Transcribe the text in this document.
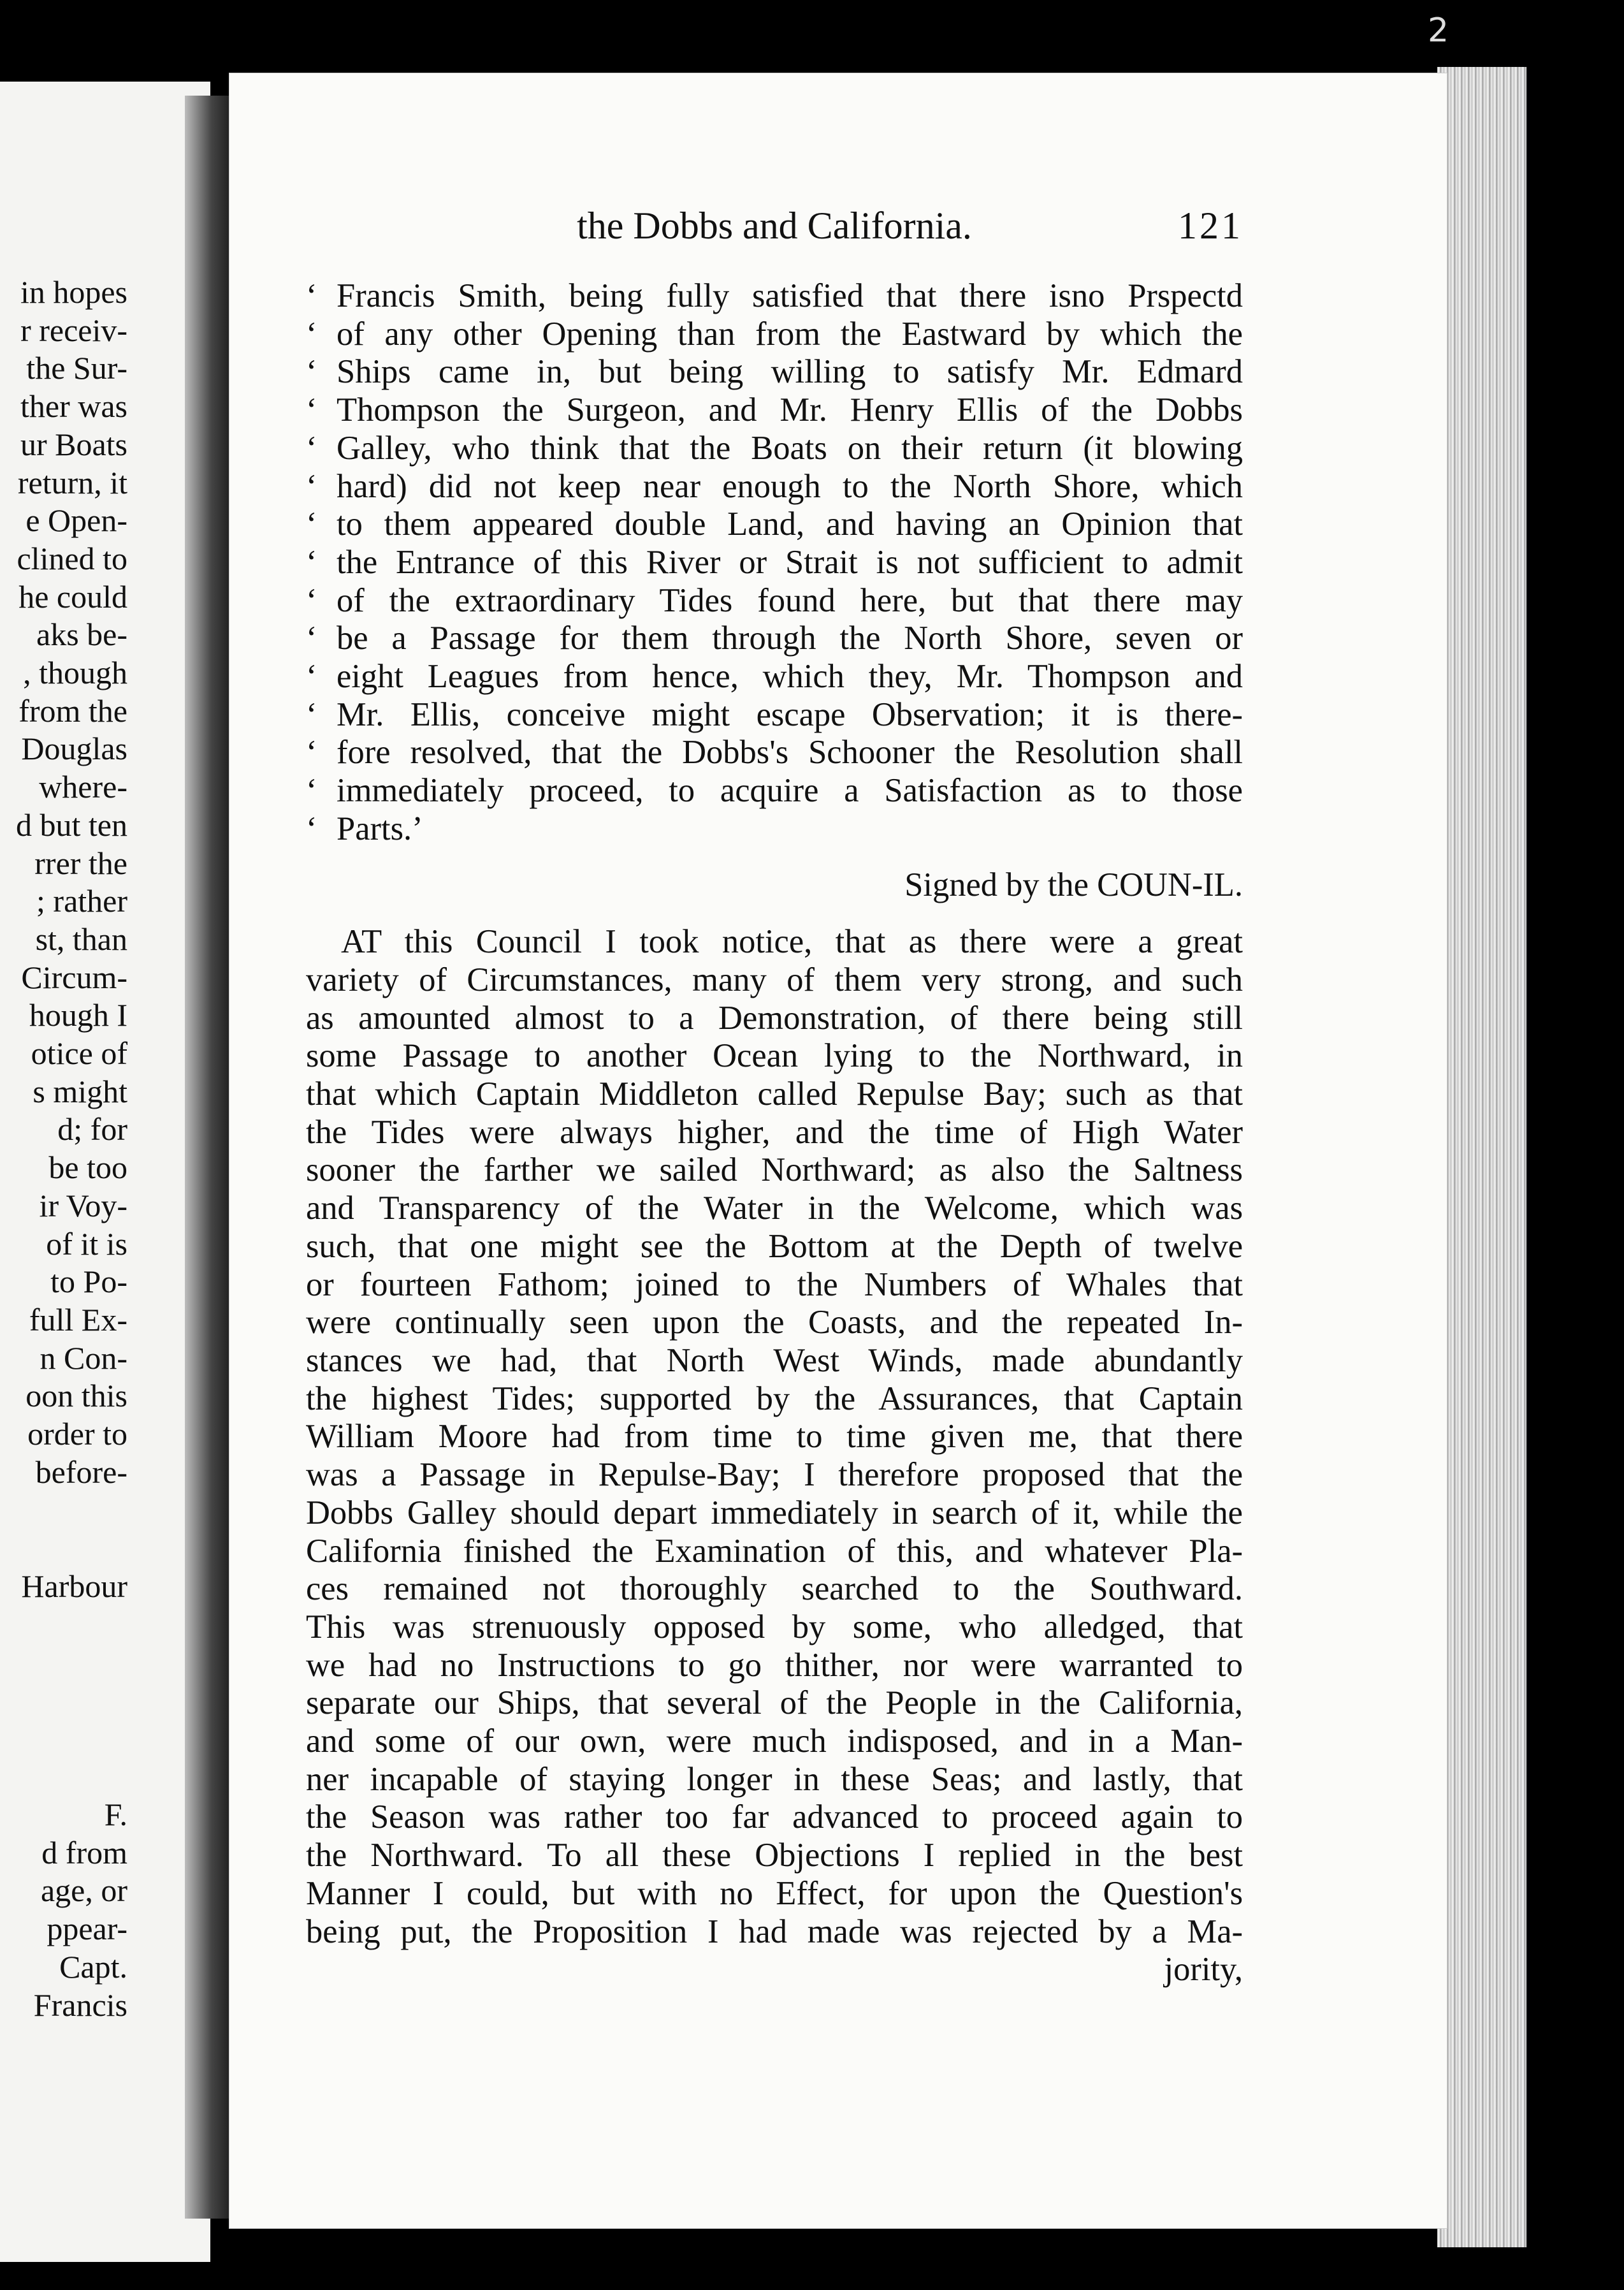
in hopes
r receiv-
the Sur-
ther was
ur Boats
return, it
e Open-
clined to
he could
aks be-
, though
from the
Douglas
where-
d but ten
rrer the
; rather
st, than
Circum-
hough I
otice of
s might
d; for
be too
ir Voy-
of it is
to Po-
full Ex-
n Con-
oon this
order to
before-
Harbour
F.
d from
age, or
ppear-
Capt.
Francis
2
the Dobbs and California.	121
‘ Francis Smith, being fully satisfied that there isno Prspectd
‘ of any other Opening than from the Eastward by which the
‘ Ships came in, but being willing to satisfy Mr. Edmard
‘ Thompson the Surgeon, and Mr. Henry Ellis of the Dobbs
‘ Galley, who think that the Boats on their return (it blowing
‘ hard) did not keep near enough to the North Shore, which
‘ to them appeared double Land, and having an Opinion that
‘ the Entrance of this River or Strait is not sufficient to admit
‘ of the extraordinary Tides found here, but that there may
‘ be a Passage for them through the North Shore, seven or
‘ eight Leagues from hence, which they, Mr. Thompson and
‘ Mr. Ellis, conceive might escape Observation; it is there-
‘ fore resolved, that the Dobbs's Schooner the Resolution shall
‘ immediately proceed, to acquire a Satisfaction as to those
‘ Parts.’
Signed by the COUN-IL.
AT this Council I took notice, that as there were a great
variety of Circumstances, many of them very strong, and such
as amounted almost to a Demonstration, of there being still
some Passage to another Ocean lying to the Northward, in
that which Captain Middleton called Repulse Bay; such as that
the Tides were always higher, and the time of High Water
sooner the farther we sailed Northward; as also the Saltness
and Transparency of the Water in the Welcome, which was
such, that one might see the Bottom at the Depth of twelve
or fourteen Fathom; joined to the Numbers of Whales that
were continually seen upon the Coasts, and the repeated In-
stances we had, that North West Winds, made abundantly
the highest Tides; supported by the Assurances, that Captain
William Moore had from time to time given me, that there
was a Passage in Repulse-Bay; I therefore proposed that the
Dobbs Galley should depart immediately in search of it, while the
California finished the Examination of this, and whatever Pla-
ces remained not thoroughly searched to the Southward.
This was strenuously opposed by some, who alledged, that
we had no Instructions to go thither, nor were warranted to
separate our Ships, that several of the People in the California,
and some of our own, were much indisposed, and in a Man-
ner incapable of staying longer in these Seas; and lastly, that
the Season was rather too far advanced to proceed again to
the Northward. To all these Objections I replied in the best
Manner I could, but with no Effect, for upon the Question's
being put, the Proposition I had made was rejected by a Ma-
jority,
